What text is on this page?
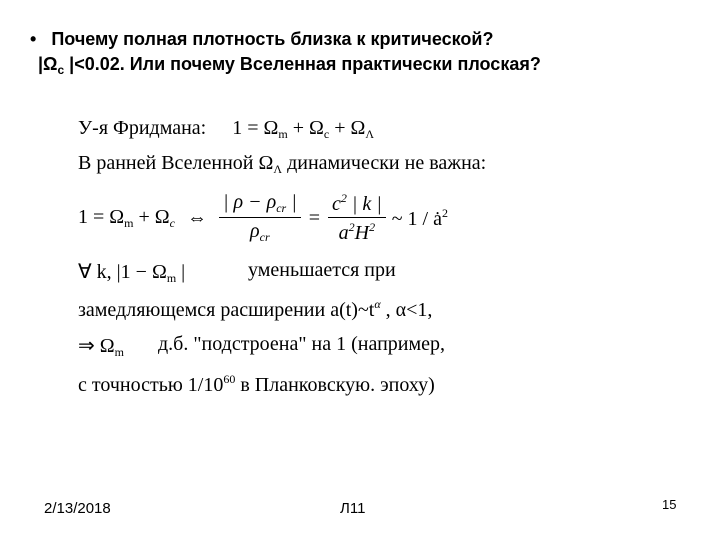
• Почему полная плотность близка к критической?
$|\Omega_c$ |<0.02. Или почему Вселенная практически плоская?
У-я Фридмана: $1 = \Omega_m + \Omega_c + \Omega_\Lambda$
В ранней Вселенной $\Omega_\Lambda$ динамически не важна:
$1 = \Omega_m + \Omega_c$ ⇔ $\frac{| \rho - \rho_{cr} |}{\rho_{cr}} = \frac{c^2 | k |}{a^2H^2}$ ~ $1 / ȧ^2$
∀ k, $|1 - \Omega_m$ |	уменьшается при
замедляющемся расширении $a(t)\sim t^\alpha$ , α<1,
⇒ $\Omega_m$ д.б. "подстроена" на 1 (например,
с точностью $1/10^{60}$ в Планковскую. эпоху)
2/13/2018	Л11	15
